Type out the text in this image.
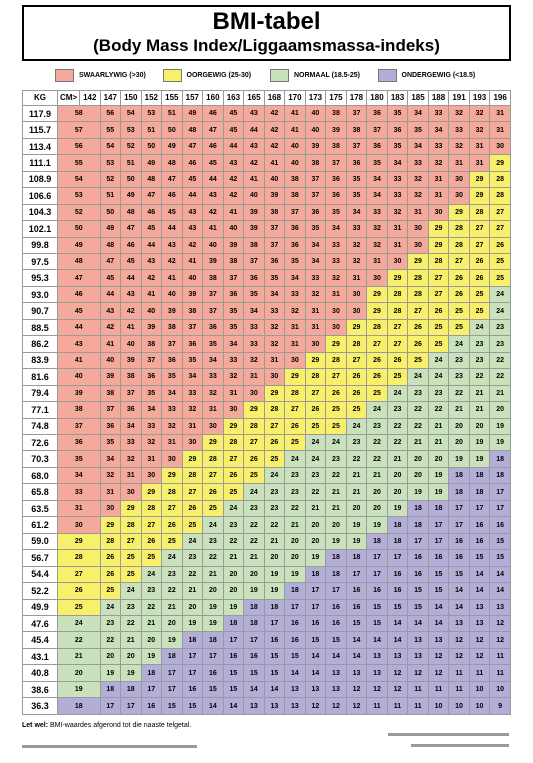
BMI-tabel
(Body Mass Index/Liggaamsmassa-indeks)
SWAARLYWIG (>30)	OORGEWIG (25-30)	NORMAAL (18.5-25)	ONDERGEWIG (<18.5)
KG	CM>	142	147	150	152	155	157	160	163	165	168	170	173	175	178	180	183	185	188	191	193	196
117.9	58		56	54	53	51	49	46	45	43	42	41	40	38	37	36	35	34	33	32	32	31
115.7	57		55	53	51	50	48	47	45	44	42	41	40	39	38	37	36	35	34	33	32	31
113.4	56		54	52	50	49	47	46	44	43	42	40	39	38	37	36	35	34	33	32	31	30
111.1	55		53	51	49	48	46	45	43	42	41	40	38	37	36	35	34	33	32	31	31	29
108.9	54		52	50	48	47	45	44	42	41	40	38	37	36	35	34	33	32	31	30	29	28
106.6	53		51	49	47	46	44	43	42	40	39	38	37	36	35	34	33	32	31	30	29	28
104.3	52		50	48	46	45	43	42	41	39	38	37	36	35	34	33	32	31	30	29	28	27
102.1	50		49	47	45	44	43	41	40	39	37	36	35	34	33	32	31	30	29	28	27	27
99.8	49		48	46	44	43	42	40	39	38	37	36	34	33	32	32	31	30	29	28	27	26
97.5	48		47	45	43	42	41	39	38	37	36	35	34	33	32	31	30	29	28	27	26	25
95.3	47		45	44	42	41	40	38	37	36	35	34	33	32	31	30	29	28	27	26	26	25
93.0	46		44	43	41	40	39	37	36	35	34	33	32	31	30	29	28	28	27	26	25	24
90.7	45		43	42	40	39	38	37	35	34	33	32	31	30	30	29	28	27	26	25	25	24
88.5	44		42	41	39	38	37	36	35	33	32	31	31	30	29	28	27	26	25	25	24	23
86.2	43		41	40	38	37	36	35	34	33	32	31	30	29	28	27	27	26	25	24	23	23
83.9	41		40	39	37	36	35	34	33	32	31	30	29	28	27	26	26	25	24	23	23	22
81.6	40		39	38	36	35	34	33	32	31	30	29	28	27	26	26	25	24	24	23	22	22
79.4	39		38	37	35	34	33	32	31	30	29	28	27	26	26	25	24	23	23	22	21	21
77.1	38		37	36	34	33	32	31	30	29	28	27	26	25	25	24	23	22	22	21	21	20
74.8	37		36	34	33	32	31	30	29	28	27	26	25	25	24	23	22	22	21	20	20	19
72.6	36		35	33	32	31	30	29	28	27	26	25	24	24	23	22	22	21	21	20	19	19
70.3	35		34	32	31	30	29	28	27	26	25	24	24	23	22	22	21	20	20	19	19	18
68.0	34		32	31	30	29	28	27	26	25	24	23	23	22	21	21	20	20	19	18	18	18
65.8	33		31	30	29	28	27	26	25	24	23	23	22	21	21	20	20	19	19	18	18	17
63.5	31		30	29	28	27	26	25	24	23	23	22	21	21	20	20	19	18	18	17	17	17
61.2	30		29	28	27	26	25	24	23	22	22	21	20	20	19	19	18	18	17	17	16	16
59.0	29		28	27	26	25	24	23	22	22	21	20	20	19	19	18	18	17	17	16	16	15
56.7	28		26	25	25	24	23	22	21	21	20	20	19	18	18	17	17	16	16	16	15	15
54.4	27		26	25	24	23	22	21	20	20	19	19	18	18	17	17	16	16	15	15	14	14
52.2	26		25	24	23	22	21	20	20	19	19	18	17	17	16	16	16	15	15	14	14	14
49.9	25		24	23	22	21	20	19	19	18	18	17	17	16	16	15	15	15	14	14	13	13
47.6	24		23	22	21	20	19	19	18	18	17	16	16	16	15	15	14	14	14	13	13	12
45.4	22		22	21	20	19	18	18	17	17	16	16	15	15	14	14	14	13	13	12	12	12
43.1	21		20	20	19	18	17	17	16	16	15	15	14	14	14	13	13	13	12	12	12	11
40.8	20		19	19	18	17	17	16	15	15	15	14	14	13	13	13	12	12	12	11	11	11
38.6	19		18	18	17	17	16	15	15	14	14	13	13	13	12	12	12	11	11	11	10	10
36.3	18		17	17	16	15	15	14	14	13	13	13	12	12	12	11	11	11	10	10	10	9
Let wel: BMI-waardes afgerond tot die naaste telgetal.
